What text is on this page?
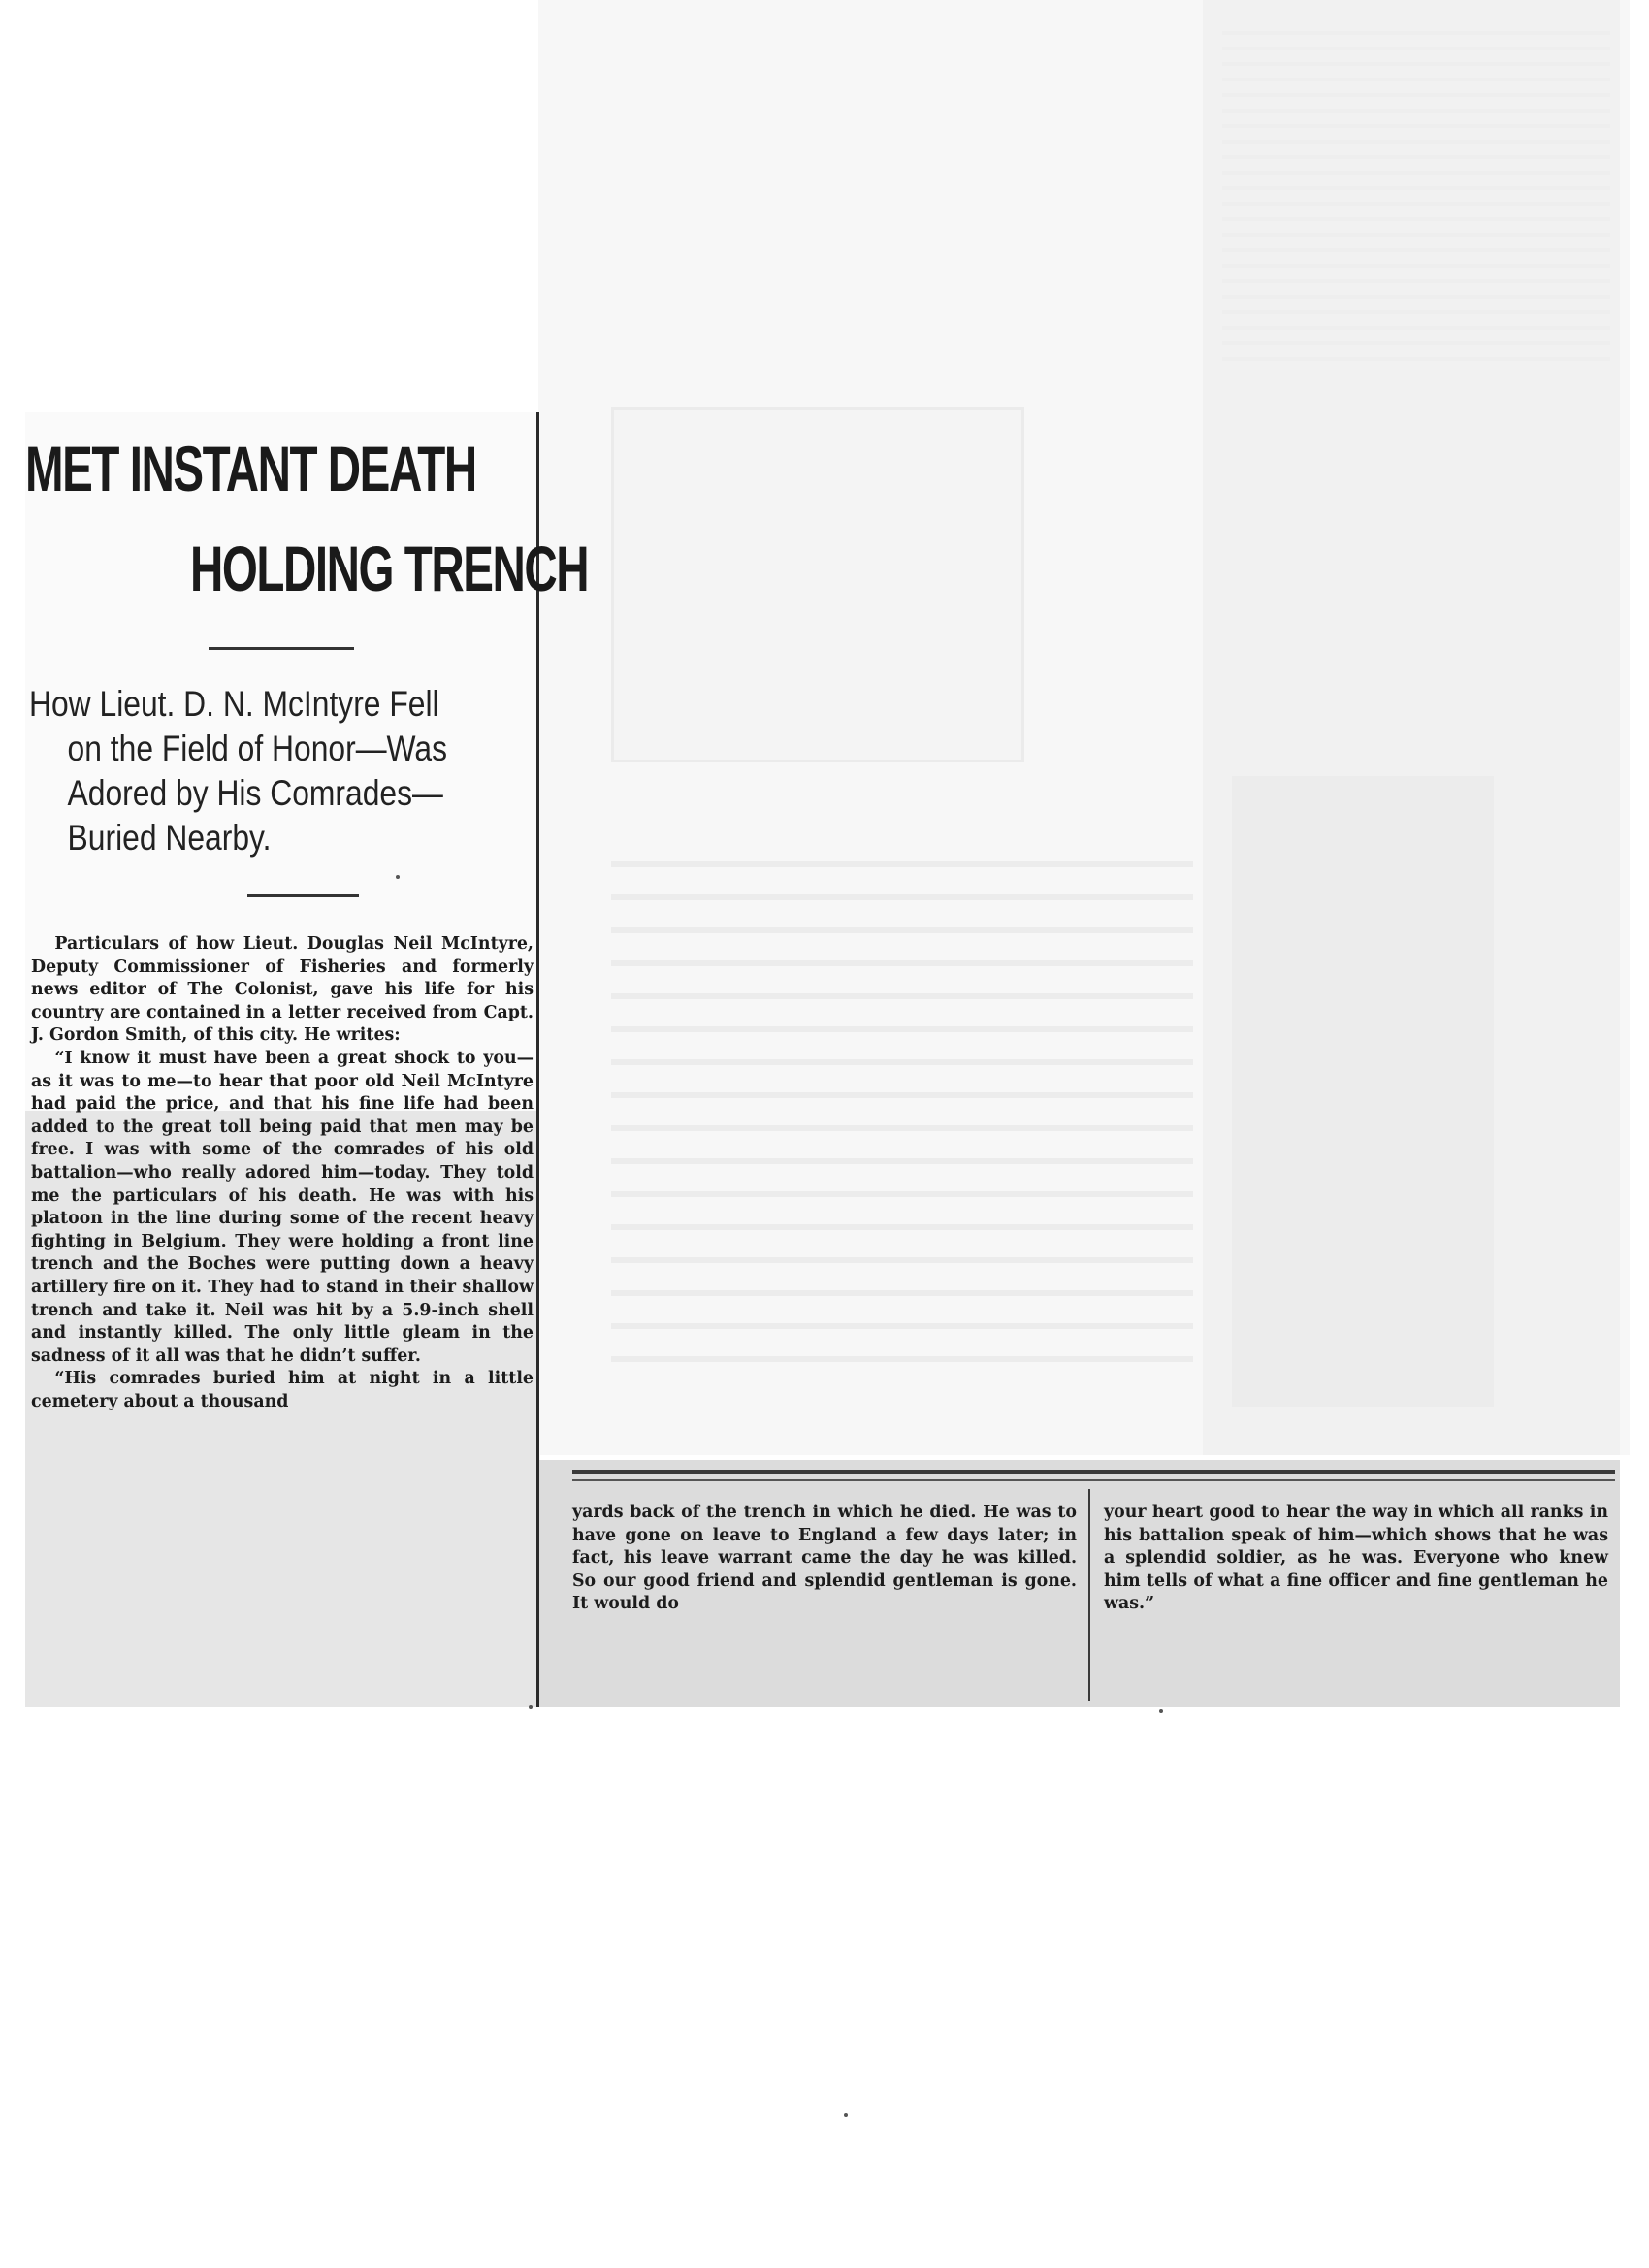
MET INSTANT DEATH
HOLDING TRENCH
How Lieut. D. N. McIntyre Fell
on the Field of Honor—Was
Adored by His Comrades—
Buried Nearby.

Particulars of how Lieut. Douglas Neil McIntyre, Deputy Commissioner of Fisheries and formerly news editor of The Colonist, gave his life for his country are contained in a letter received from Capt. J. Gordon Smith, of this city. He writes:

“I know it must have been a great shock to you—as it was to me—to hear that poor old Neil McIntyre had paid the price, and that his fine life had been added to the great toll being paid that men may be free. I was with some of the comrades of his old battalion—who really adored him—today. They told me the particulars of his death. He was with his platoon in the line during some of the recent heavy fighting in Belgium. They were holding a front line trench and the Boches were putting down a heavy artillery fire on it. They had to stand in their shallow trench and take it. Neil was hit by a 5.9-inch shell and instantly killed. The only little gleam in the sadness of it all was that he didn’t suffer.

“His comrades buried him at night in a little cemetery about a thousand

yards back of the trench in which he died. He was to have gone on leave to England a few days later; in fact, his leave warrant came the day he was killed. So our good friend and splendid gentleman is gone. It would do
your heart good to hear the way in which all ranks in his battalion speak of him—which shows that he was a splendid soldier, as he was. Everyone who knew him tells of what a fine officer and fine gentleman he was.”
